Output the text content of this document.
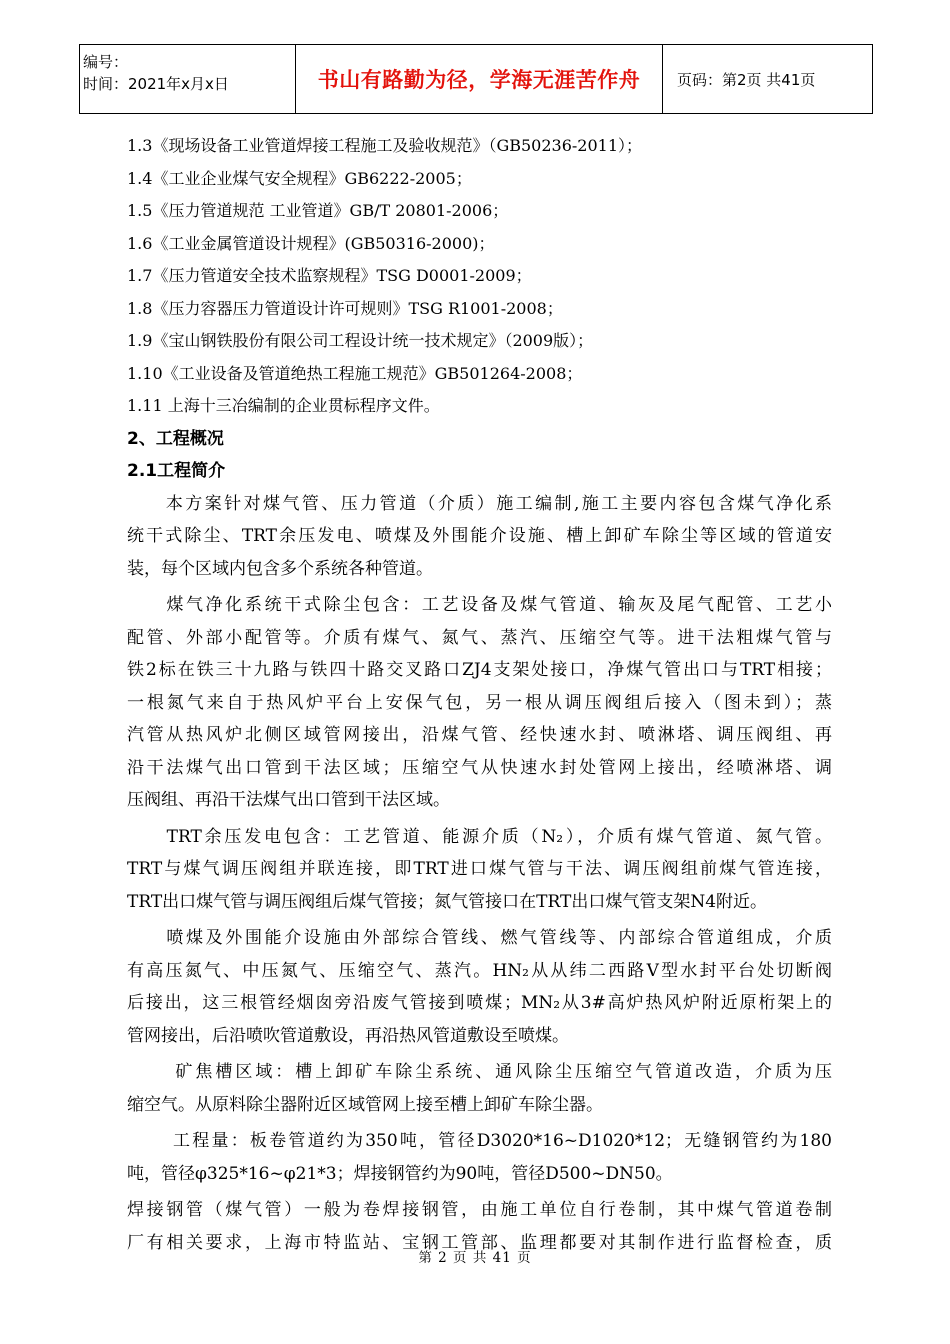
编号：
时间：2021年x月x日	书山有路勤为径，学海无涯苦作舟	页码：第2页 共41页
1.3《现场设备工业管道焊接工程施工及验收规范》（GB50236-2011）；
1.4《工业企业煤气安全规程》GB6222-2005；
1.5《压力管道规范 工业管道》GB/T 20801-2006；
1.6《工业金属管道设计规程》(GB50316-2000)；
1.7《压力管道安全技术监察规程》TSG D0001-2009；
1.8《压力容器压力管道设计许可规则》TSG R1001-2008；
1.9《宝山钢铁股份有限公司工程设计统一技术规定》（2009版）；
1.10《工业设备及管道绝热工程施工规范》GB501264-2008；
1.11 上海十三冶编制的企业贯标程序文件。
2、工程概况
2.1工程简介
　　本方案针对煤气管、压力管道（介质）施工编制,施工主要内容包含煤气净化系
统干式除尘、TRT余压发电、喷煤及外围能介设施、槽上卸矿车除尘等区域的管道安
装，每个区域内包含多个系统各种管道。
　　煤气净化系统干式除尘包含：工艺设备及煤气管道、输灰及尾气配管、工艺小
配管、外部小配管等。介质有煤气、氮气、蒸汽、压缩空气等。进干法粗煤气管与
铁2标在铁三十九路与铁四十路交叉路口ZJ4支架处接口，净煤气管出口与TRT相接；
一根氮气来自于热风炉平台上安保气包，另一根从调压阀组后接入（图未到）；蒸
汽管从热风炉北侧区域管网接出，沿煤气管、经快速水封、喷淋塔、调压阀组、再
沿干法煤气出口管到干法区域；压缩空气从快速水封处管网上接出，经喷淋塔、调
压阀组、再沿干法煤气出口管到干法区域。
　　TRT余压发电包含：工艺管道、能源介质（N₂），介质有煤气管道、氮气管。
TRT与煤气调压阀组并联连接，即TRT进口煤气管与干法、调压阀组前煤气管连接，
TRT出口煤气管与调压阀组后煤气管接；氮气管接口在TRT出口煤气管支架N4附近。
　　喷煤及外围能介设施由外部综合管线、燃气管线等、内部综合管道组成，介质
有高压氮气、中压氮气、压缩空气、蒸汽。HN₂从从纬二西路V型水封平台处切断阀
后接出，这三根管经烟囱旁沿废气管接到喷煤；MN₂从3#高炉热风炉附近原桁架上的
管网接出，后沿喷吹管道敷设，再沿热风管道敷设至喷煤。
　　 矿焦槽区域：槽上卸矿车除尘系统、通风除尘压缩空气管道改造，介质为压
缩空气。从原料除尘器附近区域管网上接至槽上卸矿车除尘器。
　　 工程量：板卷管道约为350吨，管径D3020*16~D1020*12；无缝钢管约为180
吨，管径φ325*16~φ21*3；焊接钢管约为90吨，管径D500~DN50。
焊接钢管（煤气管）一般为卷焊接钢管，由施工单位自行卷制，其中煤气管道卷制
厂有相关要求，上海市特监站、宝钢工管部、监理都要对其制作进行监督检查，质
第 2 页 共 41 页
